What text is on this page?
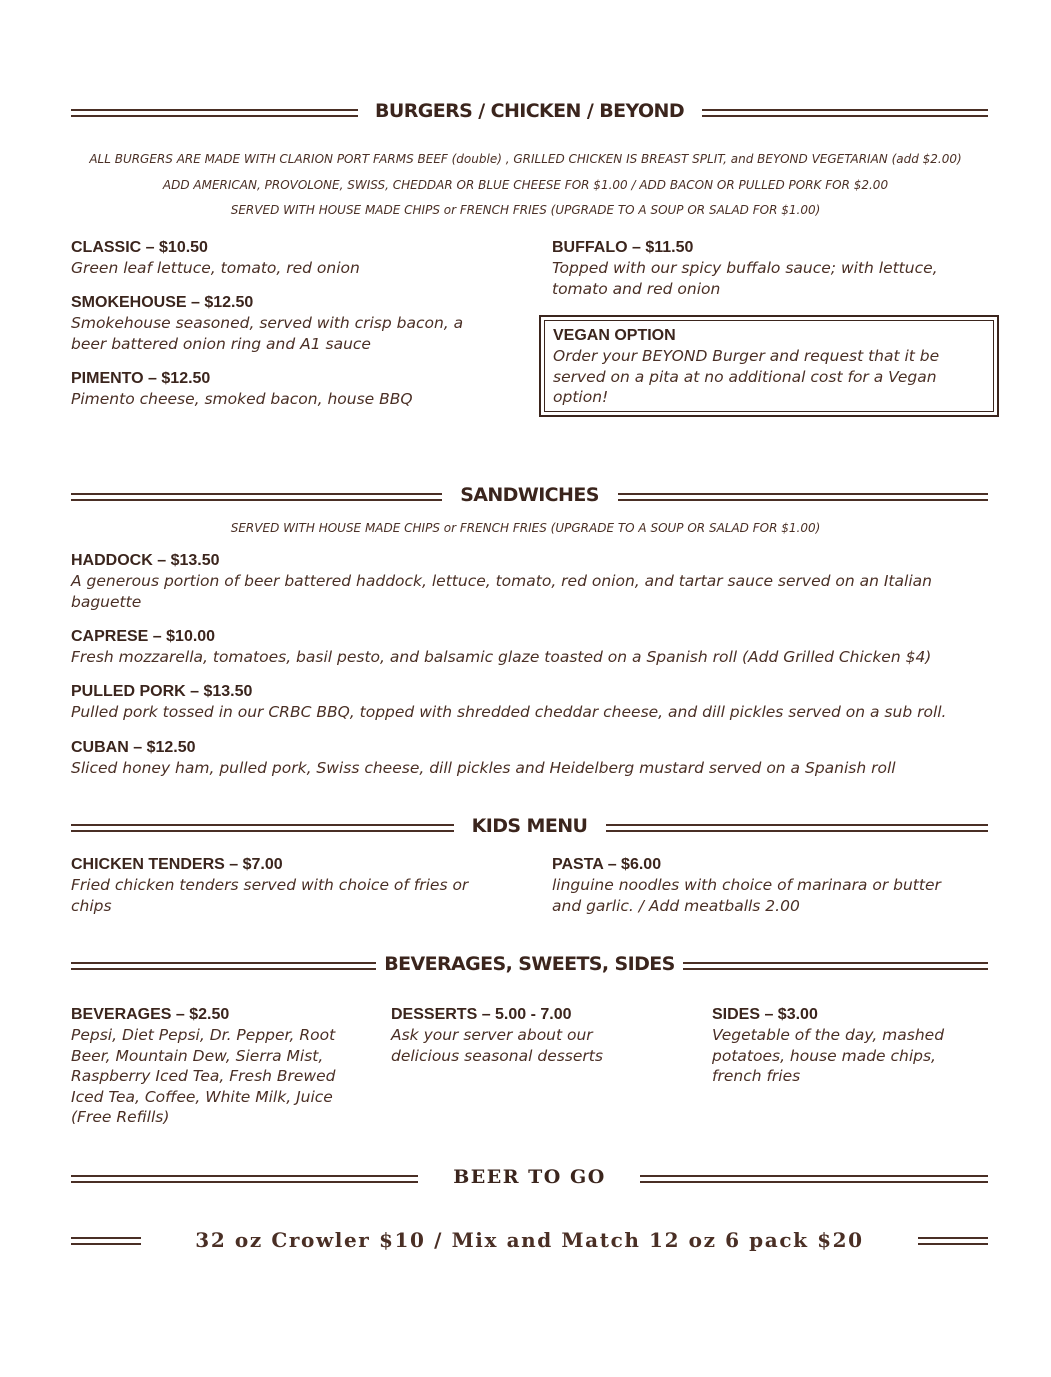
BURGERS / CHICKEN / BEYOND
ALL BURGERS ARE MADE WITH CLARION PORT FARMS BEEF (double) , GRILLED CHICKEN IS BREAST SPLIT, and BEYOND VEGETARIAN (add $2.00)
ADD AMERICAN, PROVOLONE, SWISS, CHEDDAR OR BLUE CHEESE FOR $1.00 / ADD BACON OR PULLED PORK FOR $2.00
SERVED WITH HOUSE MADE CHIPS or FRENCH FRIES (UPGRADE TO A SOUP OR SALAD FOR $1.00)
CLASSIC – $10.50
Green leaf lettuce, tomato, red onion
SMOKEHOUSE – $12.50
Smokehouse seasoned, served with crisp bacon, a beer battered onion ring and A1 sauce
PIMENTO – $12.50
Pimento cheese, smoked bacon, house BBQ
BUFFALO – $11.50
Topped with our spicy buffalo sauce; with lettuce, tomato and red onion
VEGAN OPTION
Order your BEYOND Burger and request that it be served on a pita at no additional cost for a Vegan option!
SANDWICHES
SERVED WITH HOUSE MADE CHIPS or FRENCH FRIES (UPGRADE TO A SOUP OR SALAD FOR $1.00)
HADDOCK – $13.50
A generous portion of beer battered haddock, lettuce, tomato, red onion, and tartar sauce served on an Italian baguette
CAPRESE – $10.00
Fresh mozzarella, tomatoes, basil pesto, and balsamic glaze toasted on a Spanish roll (Add Grilled Chicken $4)
PULLED PORK – $13.50
Pulled pork tossed in our CRBC BBQ, topped with shredded cheddar cheese, and dill pickles served on a sub roll.
CUBAN – $12.50
Sliced honey ham, pulled pork, Swiss cheese, dill pickles and Heidelberg mustard served on a Spanish roll
KIDS MENU
CHICKEN TENDERS – $7.00
Fried chicken tenders served with choice of fries or chips
PASTA – $6.00
linguine noodles with choice of marinara or butter and garlic. / Add meatballs 2.00
BEVERAGES, SWEETS, SIDES
BEVERAGES – $2.50
Pepsi, Diet Pepsi, Dr. Pepper, Root Beer, Mountain Dew, Sierra Mist, Raspberry Iced Tea, Fresh Brewed Iced Tea, Coffee, White Milk, Juice (Free Refills)
DESSERTS – 5.00 - 7.00
Ask your server about our delicious seasonal desserts
SIDES – $3.00
Vegetable of the day, mashed potatoes, house made chips, french fries
BEER TO GO
32 oz Crowler $10 / Mix and Match 12 oz 6 pack $20
